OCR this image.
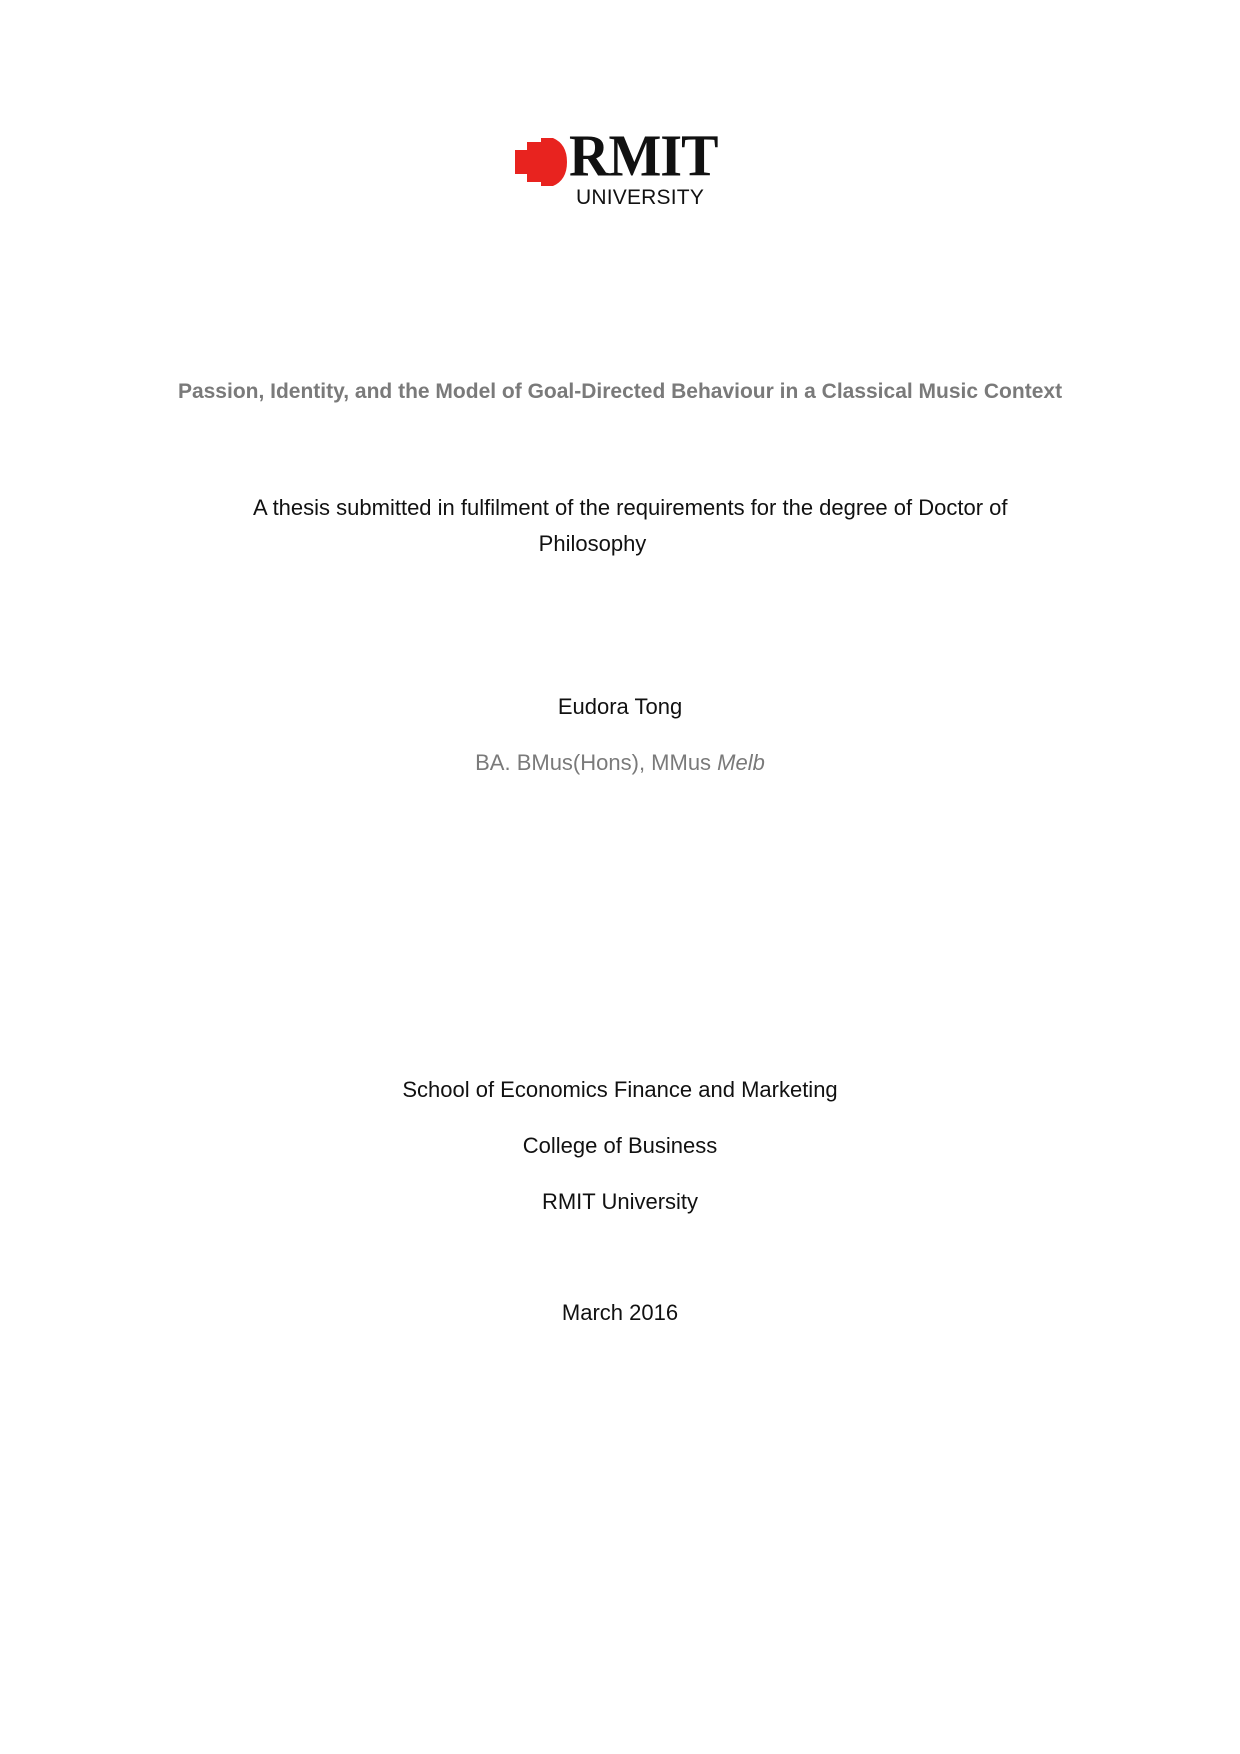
RMIT
UNIVERSITY
Passion, Identity, and the Model of Goal-Directed Behaviour in a Classical Music Context
A thesis submitted in fulfilment of the requirements for the degree of Doctor of
Philosophy
Eudora Tong
BA. BMus(Hons), MMus Melb
School of Economics Finance and Marketing
College of Business
RMIT University
March 2016
